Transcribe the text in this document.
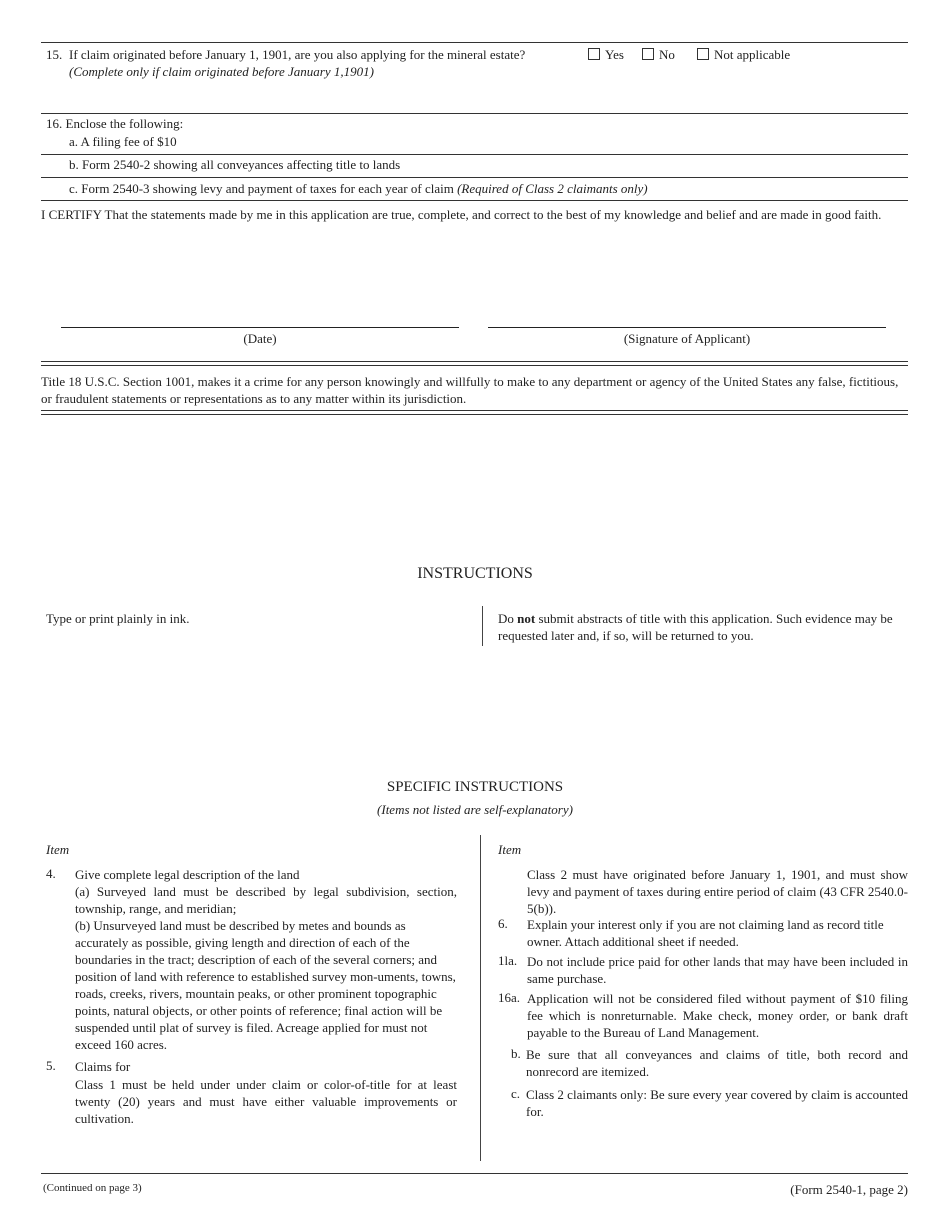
15. If claim originated before January 1, 1901, are you also applying for the mineral estate?
(Complete only if claim originated before January 1,1901)
Yes	No	Not applicable
16. Enclose the following:
a. A filing fee of $10
b. Form 2540-2 showing all conveyances affecting title to lands
c. Form 2540-3 showing levy and payment of taxes for each year of claim (Required of Class 2 claimants only)
I CERTIFY That the statements made by me in this application are true, complete, and correct to the best of my knowledge and belief and are made in good faith.
(Date)	(Signature of Applicant)
Title 18 U.S.C. Section 1001, makes it a crime for any person knowingly and willfully to make to any department or agency of the United States any false, fictitious, or fraudulent statements or representations as to any matter within its jurisdiction.
INSTRUCTIONS
Type or print plainly in ink.	Do not submit abstracts of title with this application. Such evidence may be requested later and, if so, will be returned to you.
SPECIFIC INSTRUCTIONS
(Items not listed are self-explanatory)
Item
4. Give complete legal description of the land
(a) Surveyed land must be described by legal subdivision, section, township, range, and meridian;
(b) Unsurveyed land must be described by metes and bounds as accurately as possible, giving length and direction of each of the boundaries in the tract; description of each of the several corners; and position of land with reference to established survey mon-uments, towns, roads, creeks, rivers, mountain peaks, or other prominent topographic points, natural objects, or other points of reference; final action will be suspended until plat of survey is filed. Acreage applied for must not exceed 160 acres.
5. Claims for
Class 1 must be held under under claim or color-of-title for at least twenty (20) years and must have either valuable improvements or cultivation.
Item
Class 2 must have originated before January 1, 1901, and must show levy and payment of taxes during entire period of claim (43 CFR 2540.0-5(b)).
6. Explain your interest only if you are not claiming land as record title owner. Attach additional sheet if needed.
1la. Do not include price paid for other lands that may have been included in same purchase.
16a. Application will not be considered filed without payment of $10 filing fee which is nonreturnable. Make check, money order, or bank draft payable to the Bureau of Land Management.
b. Be sure that all conveyances and claims of title, both record and nonrecord are itemized.
c. Class 2 claimants only: Be sure every year covered by claim is accounted for.
(Continued on page 3)	(Form 2540-1, page 2)
